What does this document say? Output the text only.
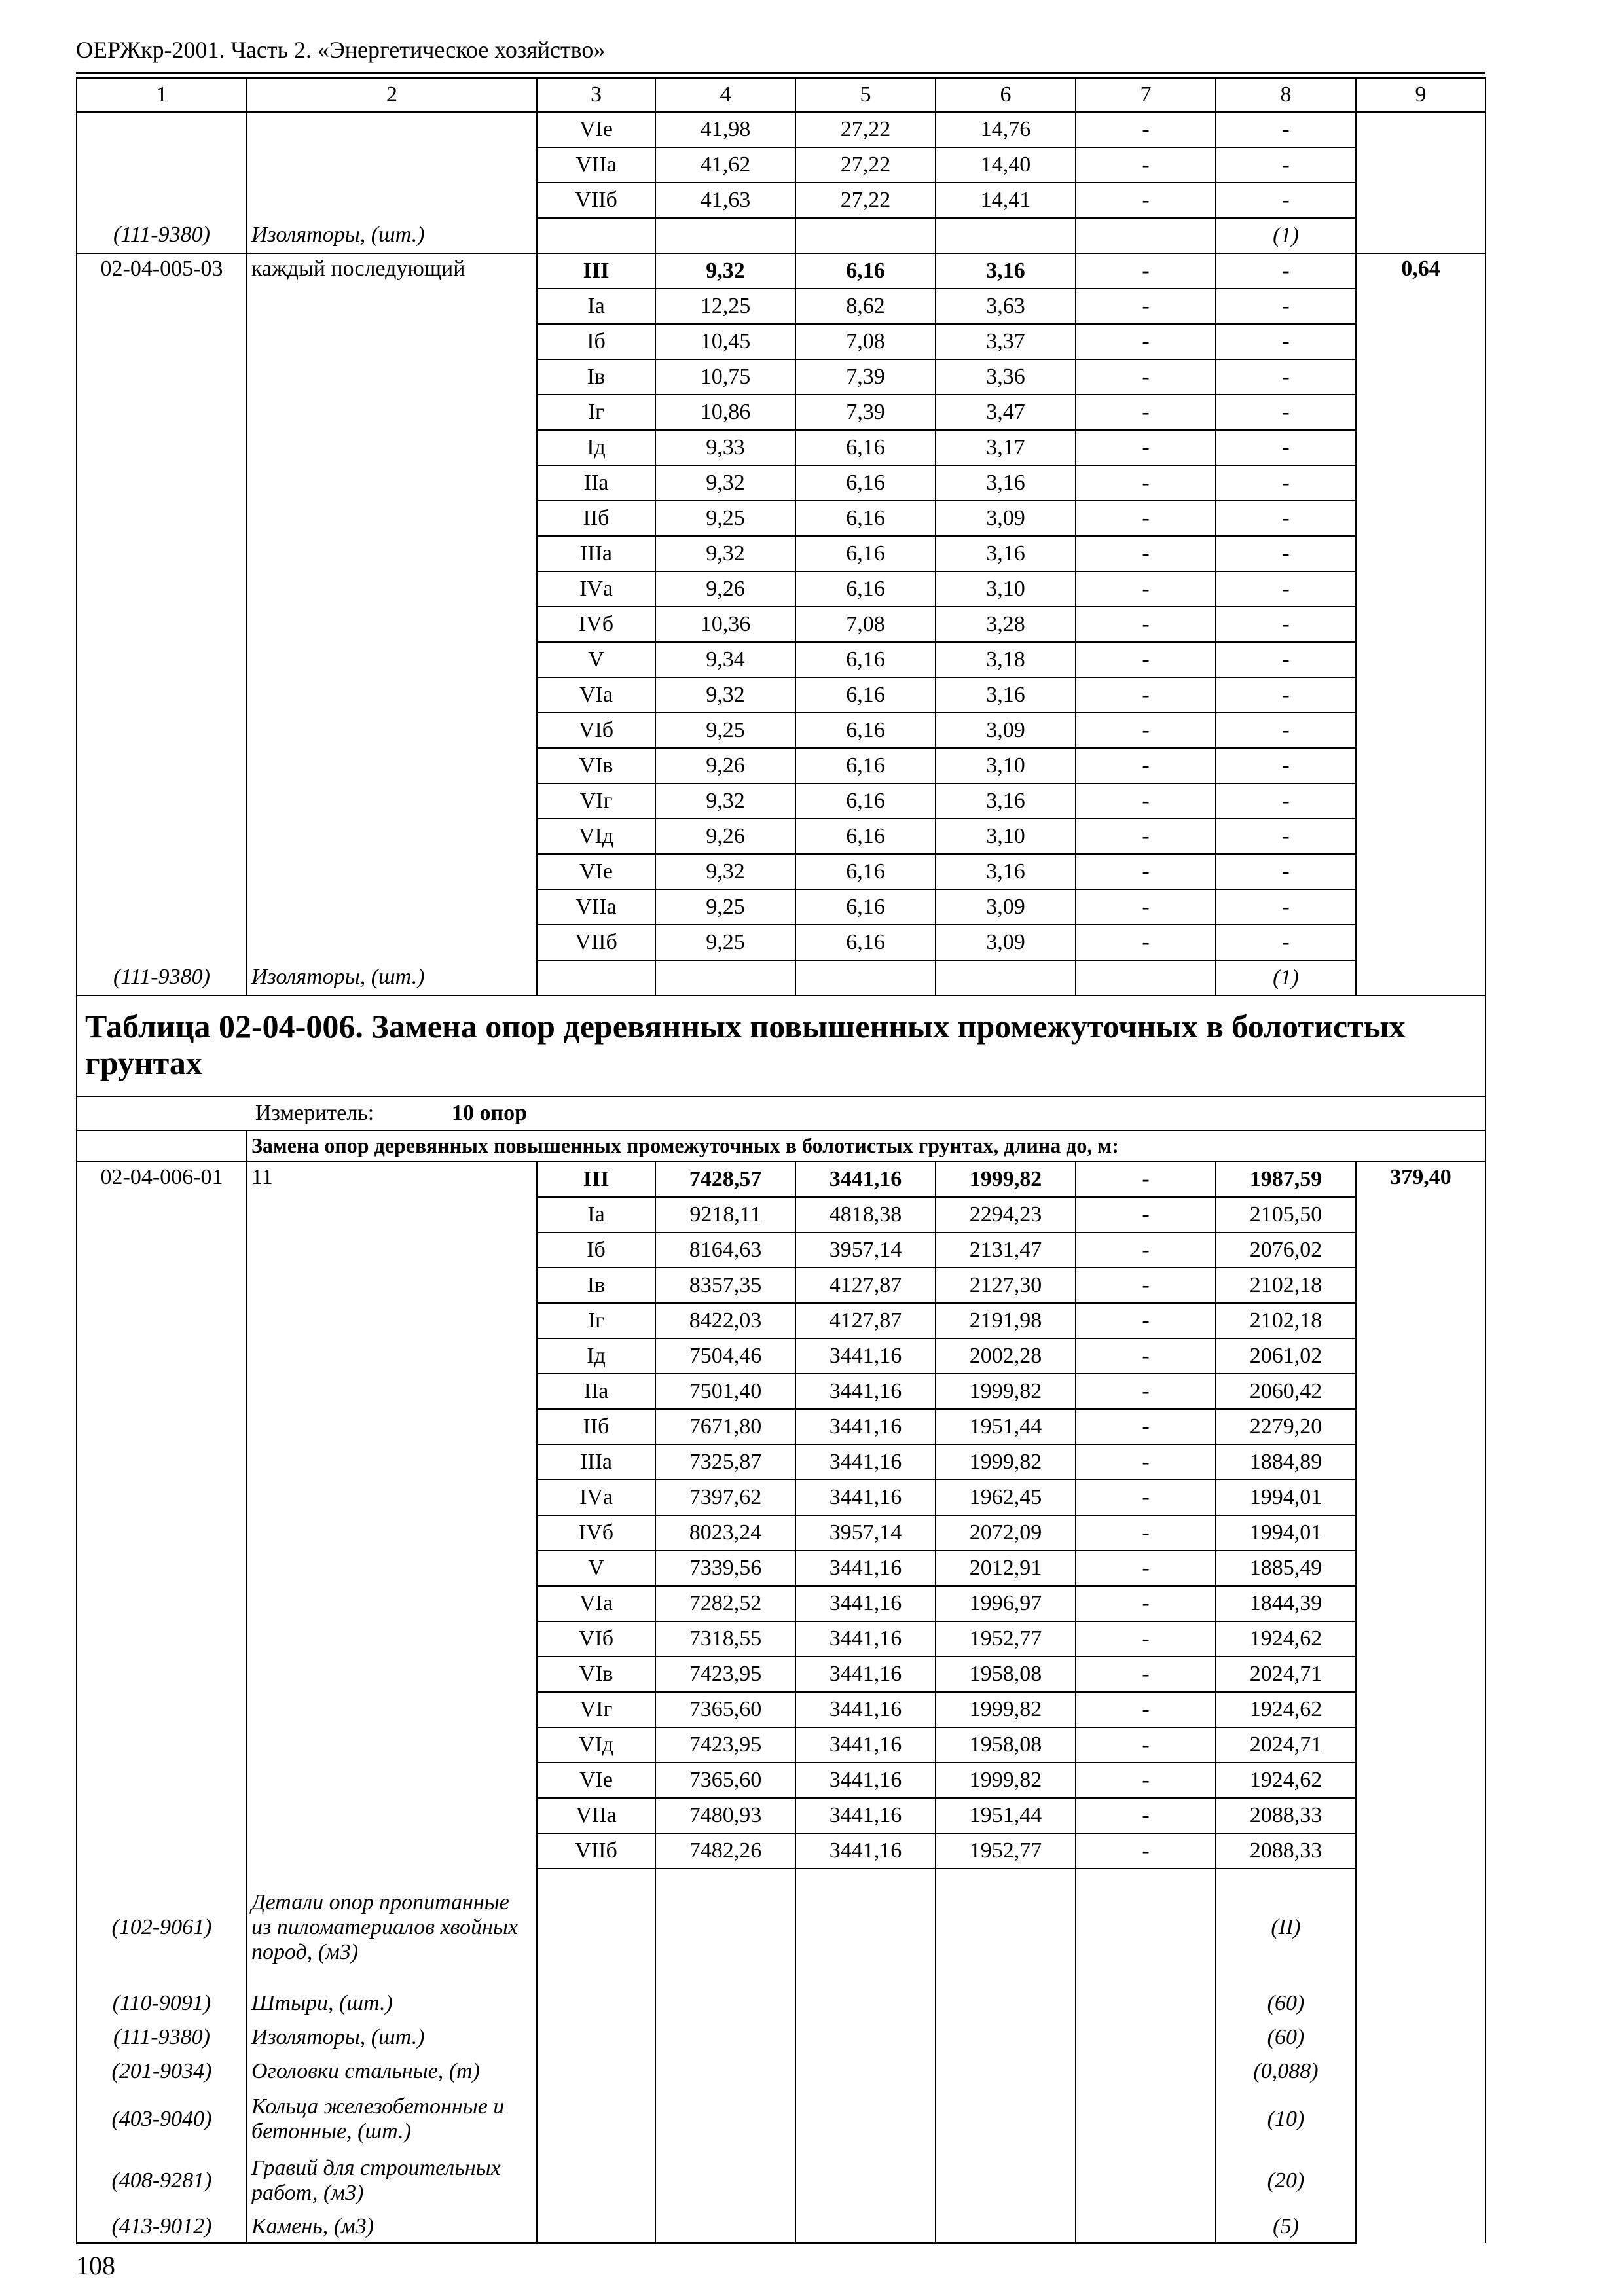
ОЕРЖкр-2001. Часть 2. «Энергетическое хозяйство»
1	2	3	4	5	6	7	8	9
		VIе	41,98	27,22	14,76	-	-	
		VIIа	41,62	27,22	14,40	-	-	
		VIIб	41,63	27,22	14,41	-	-	
(111-9380)	Изоляторы, (шт.)						(1)	
02-04-005-03	каждый последующий	III	9,32	6,16	3,16	-	-	0,64
		Iа	12,25	8,62	3,63	-	-	
		Iб	10,45	7,08	3,37	-	-	
		Iв	10,75	7,39	3,36	-	-	
		Iг	10,86	7,39	3,47	-	-	
		Iд	9,33	6,16	3,17	-	-	
		IIа	9,32	6,16	3,16	-	-	
		IIб	9,25	6,16	3,09	-	-	
		IIIа	9,32	6,16	3,16	-	-	
		IVа	9,26	6,16	3,10	-	-	
		IVб	10,36	7,08	3,28	-	-	
		V	9,34	6,16	3,18	-	-	
		VIа	9,32	6,16	3,16	-	-	
		VIб	9,25	6,16	3,09	-	-	
		VIв	9,26	6,16	3,10	-	-	
		VIг	9,32	6,16	3,16	-	-	
		VIд	9,26	6,16	3,10	-	-	
		VIе	9,32	6,16	3,16	-	-	
		VIIа	9,25	6,16	3,09	-	-	
		VIIб	9,25	6,16	3,09	-	-	
(111-9380)	Изоляторы, (шт.)						(1)	
Таблица 02-04-006. Замена опор деревянных повышенных промежуточных в болотистых грунтах								
Измеритель: 10 опор								
	Замена опор деревянных повышенных промежуточных в болотистых грунтах, длина до, м:							
02-04-006-01	11	III	7428,57	3441,16	1999,82	-	1987,59	379,40
		Iа	9218,11	4818,38	2294,23	-	2105,50	
		Iб	8164,63	3957,14	2131,47	-	2076,02	
		Iв	8357,35	4127,87	2127,30	-	2102,18	
		Iг	8422,03	4127,87	2191,98	-	2102,18	
		Iд	7504,46	3441,16	2002,28	-	2061,02	
		IIа	7501,40	3441,16	1999,82	-	2060,42	
		IIб	7671,80	3441,16	1951,44	-	2279,20	
		IIIа	7325,87	3441,16	1999,82	-	1884,89	
		IVа	7397,62	3441,16	1962,45	-	1994,01	
		IVб	8023,24	3957,14	2072,09	-	1994,01	
		V	7339,56	3441,16	2012,91	-	1885,49	
		VIа	7282,52	3441,16	1996,97	-	1844,39	
		VIб	7318,55	3441,16	1952,77	-	1924,62	
		VIв	7423,95	3441,16	1958,08	-	2024,71	
		VIг	7365,60	3441,16	1999,82	-	1924,62	
		VIд	7423,95	3441,16	1958,08	-	2024,71	
		VIе	7365,60	3441,16	1999,82	-	1924,62	
		VIIа	7480,93	3441,16	1951,44	-	2088,33	
		VIIб	7482,26	3441,16	1952,77	-	2088,33	
(102-9061)	Детали опор пропитанные из пиломатериалов хвойных пород, (м3)						(II)	
(110-9091)	Штыри, (шт.)						(60)	
(111-9380)	Изоляторы, (шт.)						(60)	
(201-9034)	Оголовки стальные, (т)						(0,088)	
(403-9040)	Кольца железобетонные и бетонные, (шт.)						(10)	
(408-9281)	Гравий для строительных работ, (м3)						(20)	
(413-9012)	Камень, (м3)						(5)	
108
